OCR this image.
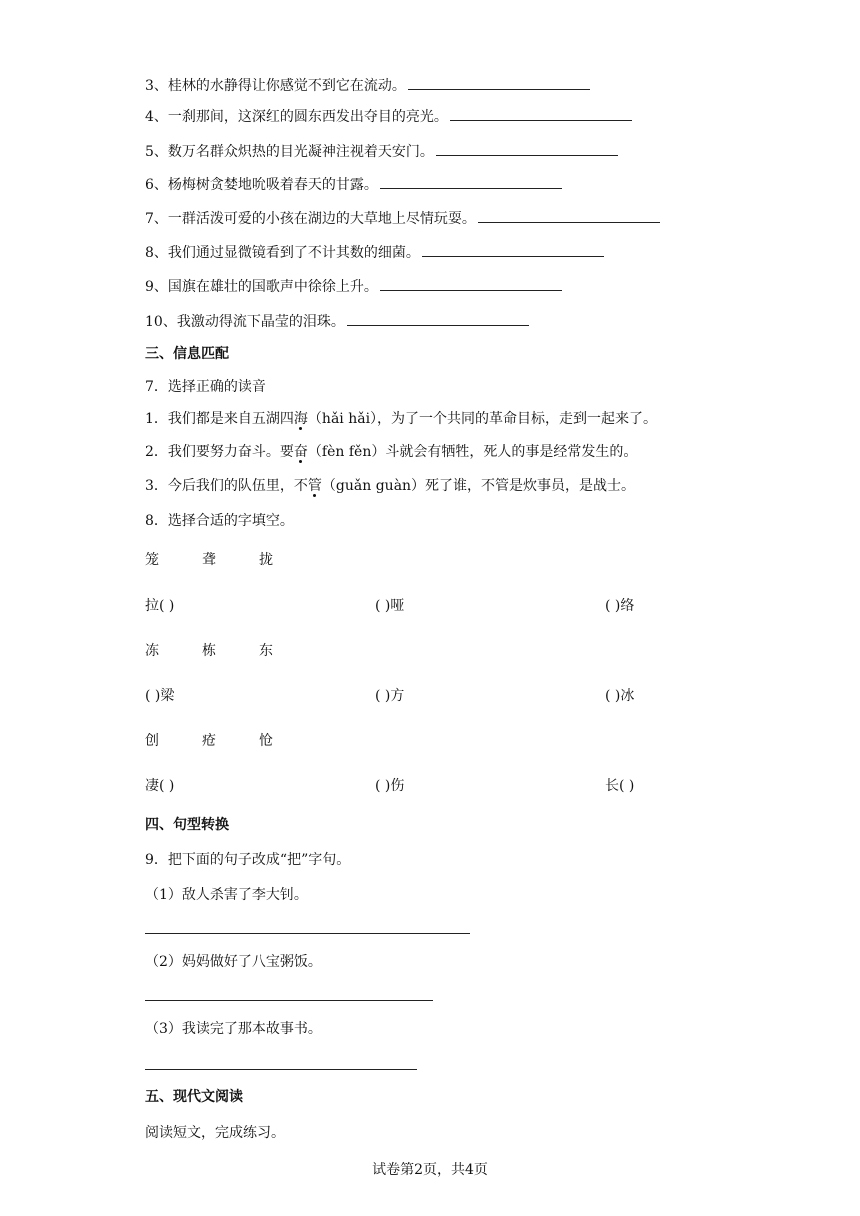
3、桂林的水静得让你感觉不到它在流动。
4、一刹那间，这深红的圆东西发出夺目的亮光。
5、数万名群众炽热的目光凝神注视着天安门。
6、杨梅树贪婪地吮吸着春天的甘露。
7、一群活泼可爱的小孩在湖边的大草地上尽情玩耍。
8、我们通过显微镜看到了不计其数的细菌。
9、国旗在雄壮的国歌声中徐徐上升。
10、我激动得流下晶莹的泪珠。
三、信息匹配
7．选择正确的读音
1．我们都是来自五湖四海（hǎi hǎi），为了一个共同的革命目标，走到一起来了。
2．我们要努力奋斗。要奋（fèn fěn）斗就会有牺牲，死人的事是经常发生的。
3．今后我们的队伍里，不管（guǎn guàn）死了谁，不管是炊事员，是战士。
8．选择合适的字填空。
笼	聋	拢
拉( )	( )哑	( )络
冻	栋	东
( )梁	( )方	( )冰
创	疮	怆
凄( )	( )伤	长( )
四、句型转换
9．把下面的句子改成“把”字句。
（1）敌人杀害了李大钊。
（2）妈妈做好了八宝粥饭。
（3）我读完了那本故事书。
五、现代文阅读
阅读短文，完成练习。
试卷第2页，共4页
